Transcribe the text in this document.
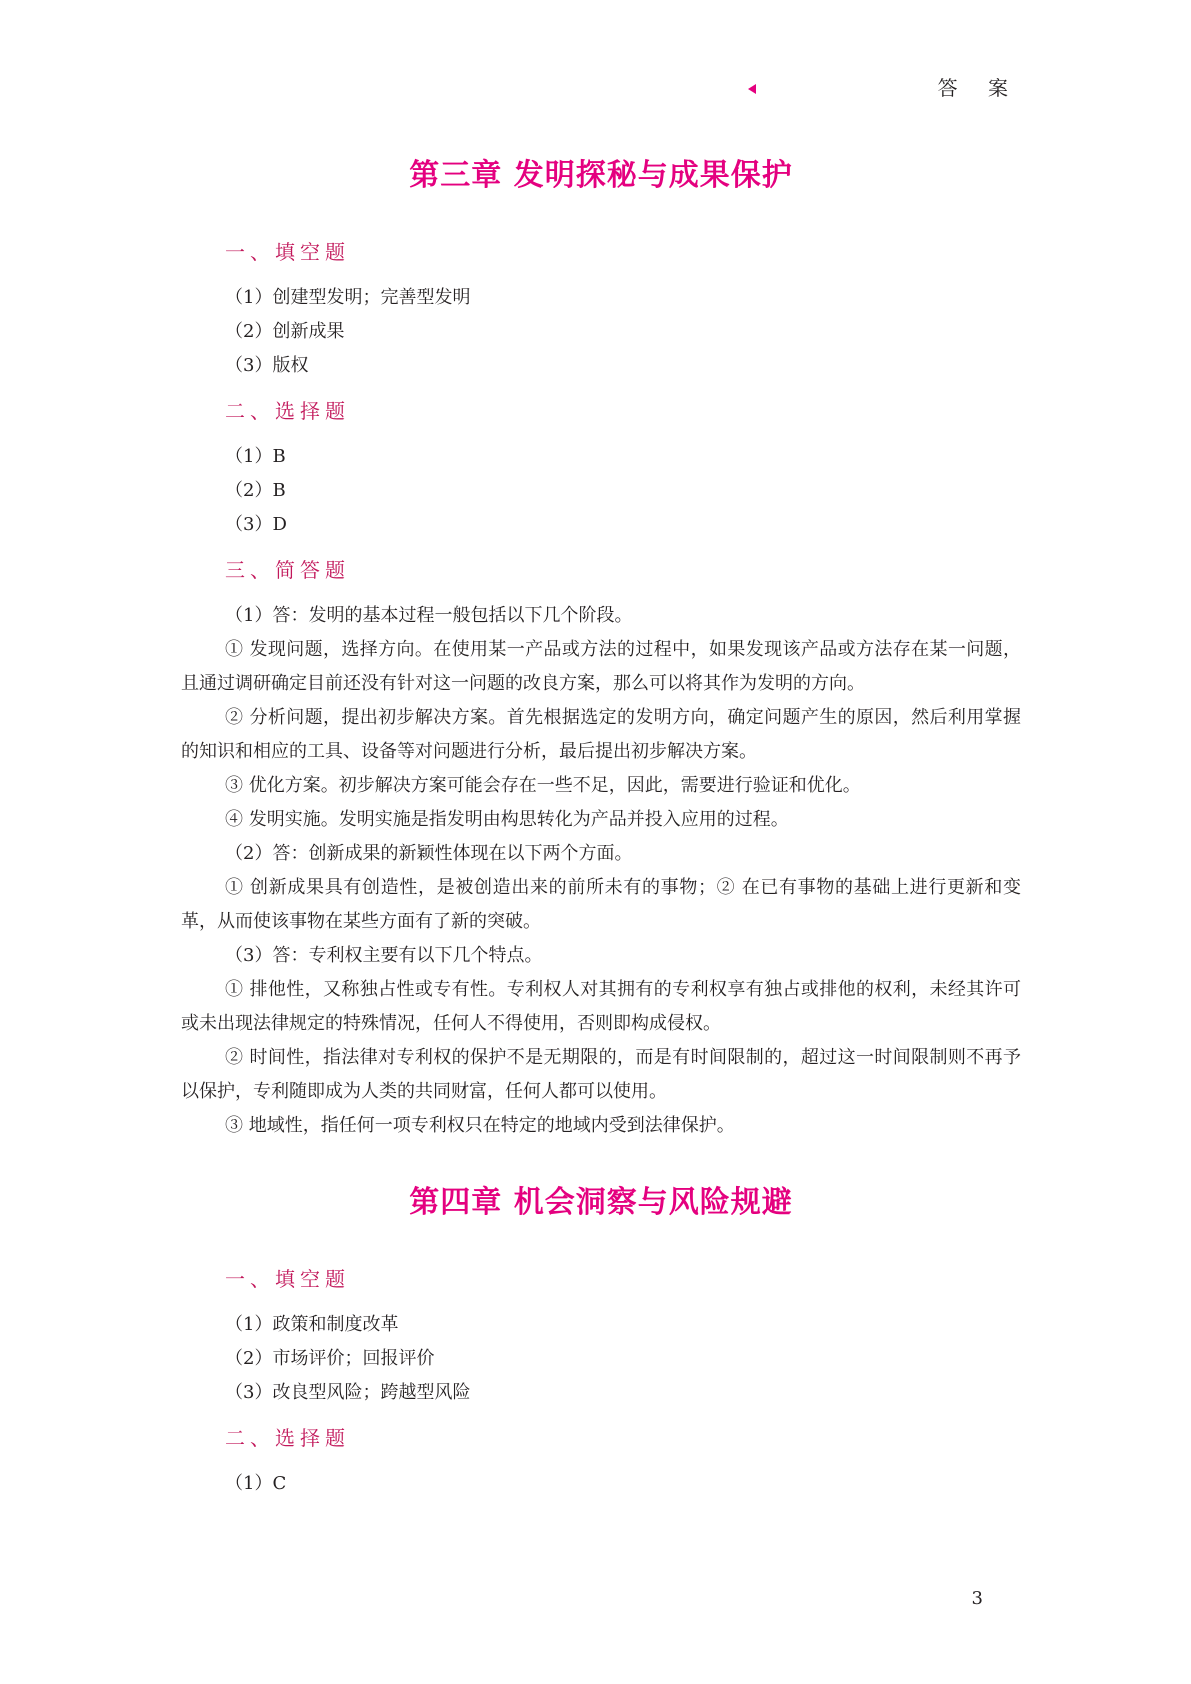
答 案
第三章 发明探秘与成果保护
一、填空题

（1）创建型发明；完善型发明

（2）创新成果

（3）版权

二、选择题

（1）B

（2）B

（3）D

三、简答题

（1）答：发明的基本过程一般包括以下几个阶段。

① 发现问题，选择方向。在使用某一产品或方法的过程中，如果发现该产品或方法存在某一问题，且通过调研确定目前还没有针对这一问题的改良方案，那么可以将其作为发明的方向。

② 分析问题，提出初步解决方案。首先根据选定的发明方向，确定问题产生的原因，然后利用掌握的知识和相应的工具、设备等对问题进行分析，最后提出初步解决方案。

③ 优化方案。初步解决方案可能会存在一些不足，因此，需要进行验证和优化。

④ 发明实施。发明实施是指发明由构思转化为产品并投入应用的过程。

（2）答：创新成果的新颖性体现在以下两个方面。

① 创新成果具有创造性，是被创造出来的前所未有的事物；② 在已有事物的基础上进行更新和变革，从而使该事物在某些方面有了新的突破。

（3）答：专利权主要有以下几个特点。

① 排他性，又称独占性或专有性。专利权人对其拥有的专利权享有独占或排他的权利，未经其许可或未出现法律规定的特殊情况，任何人不得使用，否则即构成侵权。

② 时间性，指法律对专利权的保护不是无期限的，而是有时间限制的，超过这一时间限制则不再予以保护，专利随即成为人类的共同财富，任何人都可以使用。

③ 地域性，指任何一项专利权只在特定的地域内受到法律保护。

第四章 机会洞察与风险规避
一、填空题

（1）政策和制度改革

（2）市场评价；回报评价

（3）改良型风险；跨越型风险

二、选择题

（1）C

3
